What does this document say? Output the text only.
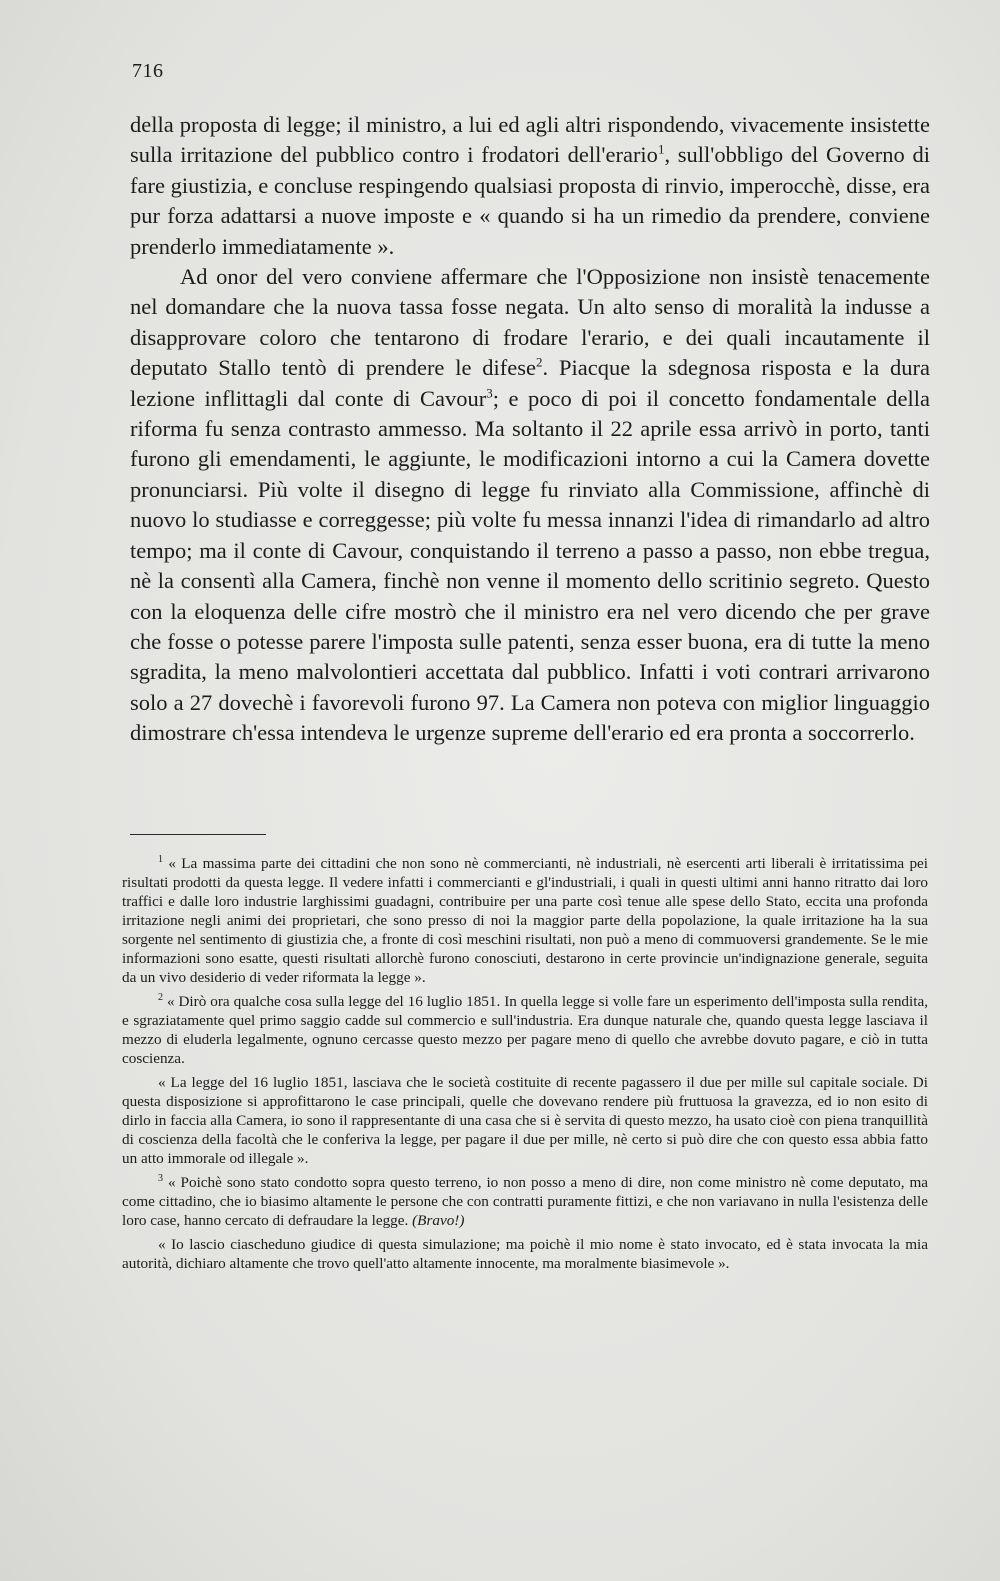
716

della proposta di legge; il ministro, a lui ed agli altri rispondendo, vivacemente insistette sulla irritazione del pubblico contro i frodatori dell'erario$^1$, sull'obbligo del Governo di fare giustizia, e concluse respingendo qualsiasi proposta di rinvio, imperocchè, disse, era pur forza adattarsi a nuove imposte e « quando si ha un rimedio da prendere, conviene prenderlo immediatamente ».

Ad onor del vero conviene affermare che l'Opposizione non insistè tenacemente nel domandare che la nuova tassa fosse negata. Un alto senso di moralità la indusse a disapprovare coloro che tentarono di frodare l'erario, e dei quali incautamente il deputato Stallo tentò di prendere le difese$^2$. Piacque la sdegnosa risposta e la dura lezione inflittagli dal conte di Cavour$^3$; e poco di poi il concetto fondamentale della riforma fu senza contrasto ammesso. Ma soltanto il 22 aprile essa arrivò in porto, tanti furono gli emendamenti, le aggiunte, le modificazioni intorno a cui la Camera dovette pronunciarsi. Più volte il disegno di legge fu rinviato alla Commissione, affinchè di nuovo lo studiasse e correggesse; più volte fu messa innanzi l'idea di rimandarlo ad altro tempo; ma il conte di Cavour, conquistando il terreno a passo a passo, non ebbe tregua, nè la consentì alla Camera, finchè non venne il momento dello scritinio segreto. Questo con la eloquenza delle cifre mostrò che il ministro era nel vero dicendo che per grave che fosse o potesse parere l'imposta sulle patenti, senza esser buona, era di tutte la meno sgradita, la meno malvolontieri accettata dal pubblico. Infatti i voti contrari arrivarono solo a 27 dovechè i favorevoli furono 97. La Camera non poteva con miglior linguaggio dimostrare ch'essa intendeva le urgenze supreme dell'erario ed era pronta a soccorrerlo.

$^1$ « La massima parte dei cittadini che non sono nè commercianti, nè industriali, nè esercenti arti liberali è irritatissima pei risultati prodotti da questa legge. Il vedere infatti i commercianti e gl'industriali, i quali in questi ultimi anni hanno ritratto dai loro traffici e dalle loro industrie larghissimi guadagni, contribuire per una parte così tenue alle spese dello Stato, eccita una profonda irritazione negli animi dei proprietari, che sono presso di noi la maggior parte della popolazione, la quale irritazione ha la sua sorgente nel sentimento di giustizia che, a fronte di così meschini risultati, non può a meno di commuoversi grandemente. Se le mie informazioni sono esatte, questi risultati allorchè furono conosciuti, destarono in certe provincie un'indignazione generale, seguita da un vivo desiderio di veder riformata la legge ».

$^2$ « Dirò ora qualche cosa sulla legge del 16 luglio 1851. In quella legge si volle fare un esperimento dell'imposta sulla rendita, e sgraziatamente quel primo saggio cadde sul commercio e sull'industria. Era dunque naturale che, quando questa legge lasciava il mezzo di eluderla legalmente, ognuno cercasse questo mezzo per pagare meno di quello che avrebbe dovuto pagare, e ciò in tutta coscienza.

« La legge del 16 luglio 1851, lasciava che le società costituite di recente pagassero il due per mille sul capitale sociale. Di questa disposizione si approfittarono le case principali, quelle che dovevano rendere più fruttuosa la gravezza, ed io non esito di dirlo in faccia alla Camera, io sono il rappresentante di una casa che si è servita di questo mezzo, ha usato cioè con piena tranquillità di coscienza della facoltà che le conferiva la legge, per pagare il due per mille, nè certo si può dire che con questo essa abbia fatto un atto immorale od illegale ».

$^3$ « Poichè sono stato condotto sopra questo terreno, io non posso a meno di dire, non come ministro nè come deputato, ma come cittadino, che io biasimo altamente le persone che con contratti puramente fittizi, e che non variavano in nulla l'esistenza delle loro case, hanno cercato di defraudare la legge. (Bravo!)

« Io lascio ciascheduno giudice di questa simulazione; ma poichè il mio nome è stato invocato, ed è stata invocata la mia autorità, dichiaro altamente che trovo quell'atto altamente innocente, ma moralmente biasimevole ».
